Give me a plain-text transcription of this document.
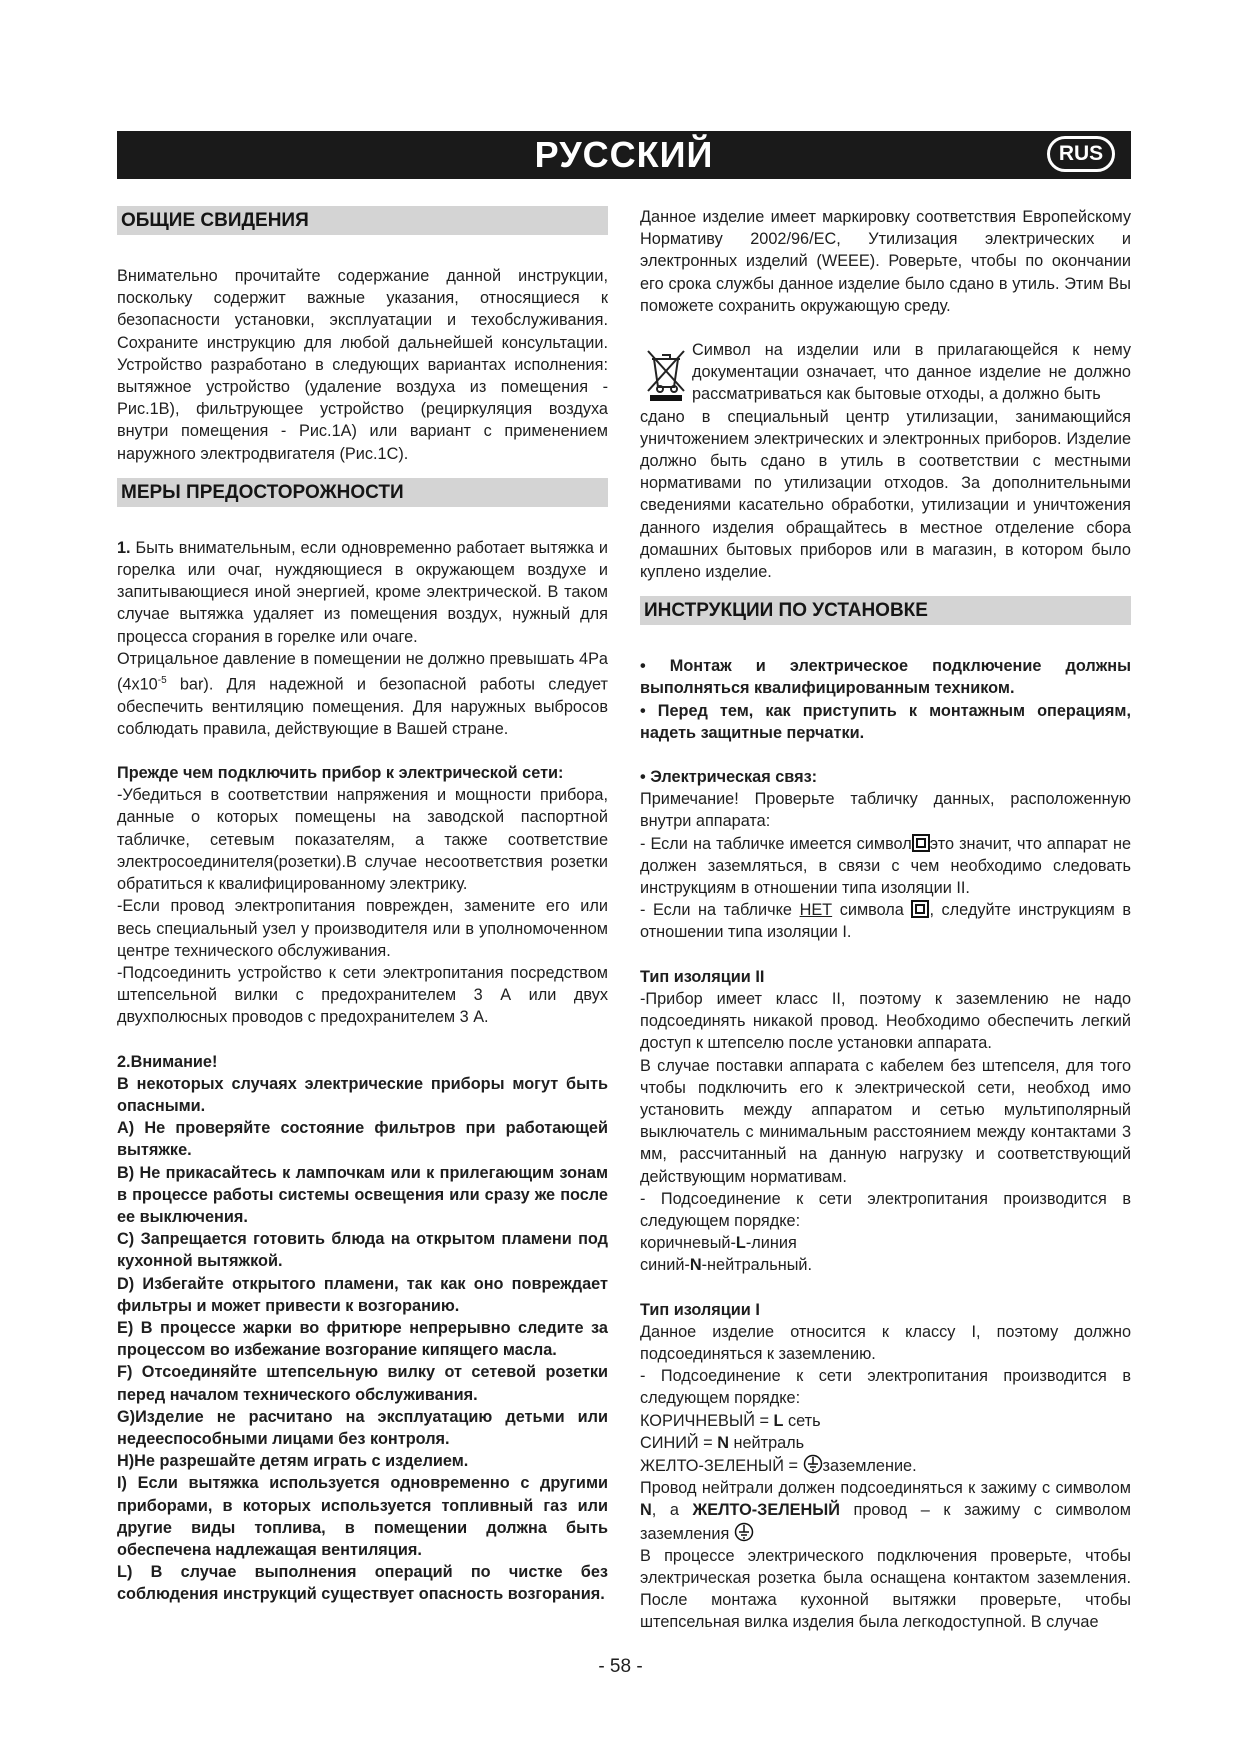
РУССКИЙ	RUS
ОБЩИЕ СВИДЕНИЯ

Внимательно прочитайте содержание данной инструкции, поскольку содержит важные указания, относящиеся к безопасности установки, эксплуатации и техобслуживания. Сохраните инструкцию для любой дальнейшей консультации. Устройство разработано в следующих вариантах исполнения: вытяжное устройство (удаление воздуха из помещения - Рис.1B), фильтрующее устройство (рециркуляция воздуха внутри помещения - Рис.1A) или вариант с применением наружного электродвигателя (Рис.1C).

МЕРЫ ПРЕДОСТОРОЖНОСТИ

1. Быть внимательным, если одновременно работает вытяжка и горелка или очаг, нуждяющиеся в окружающем воздухе и запитывающиеся иной энергией, кроме электрической. В таком случае вытяжка удаляет из помещения воздух, нужный для процесса сгорания в горелке или очаге.

Отрицальное давление в помещении не должно превышать 4Pa ($4x10^{-5}$ bar). Для надежной и безопасной работы следует обеспечить вентиляцию помещения. Для наружных выбросов соблюдать правила, действующие в Вашей стране.

Прежде чем подключить прибор к электрической сети:

-Убедиться в соответствии напряжения и мощности прибора, данные о которых помещены на заводской паспортной табличке, сетевым показателям, а также соответствие электросоединителя(розетки).В случае несоответствия розетки обратиться к квалифицированному электрику.

-Если провод электропитания поврежден, замените его или весь специальный узел у производителя или в уполномоченном центре технического обслуживания.

-Подсоединить устройство к сети электропитания посредством штепсельной вилки с предохранителем 3 А или двух двухполюсных проводов с предохранителем 3 А.

2.Внимание!

В некоторых случаях электрические приборы могут быть опасными.

A) Не проверяйте состояние фильтров при работающей вытяжке.

B) Не прикасайтесь к лампочкам или к прилегающим зонам в процессе работы системы освещения или сразу же после ее выключения.

C) Запрещается готовить блюда на открытом пламени под кухонной вытяжкой.

D) Избегайте открытого пламени, так как оно повреждает фильтры и может привести к возгоранию.

E) В процессе жарки во фритюре непрерывно следите за процессом во избежание возгорание кипящего масла.

F) Отсоединяйте штепсельную вилку от сетевой розетки перед началом технического обслуживания.

G)Изделие не расчитано на эксплуатацию детьми или недееспособными лицами без контроля.

H)Не разрешайте детям играть с изделием.

I) Если вытяжка используется одновременно с другими приборами, в которых используется топливный газ или другие виды топлива, в помещении должна быть обеспечена надлежащая вентиляция.

L) В случае выполнения операций по чистке без соблюдения инструкций существует опасность возгорания.

Данное изделие имеет маркировку соответствия Европейскому Нормативу 2002/96/EC, Утилизация электрических и электронных изделий (WEEE). Роверьте, чтобы по окончании его срока службы данное изделие было сдано в утиль. Этим Вы поможете сохранить окружающую среду.

Символ на изделии или в прилагающейся к нему документации означает, что данное изделие не должно рассматриваться как бытовые отходы, а должно быть

сдано в специальный центр утилизации, занимающийся уничтожением электрических и электронных приборов. Изделие должно быть сдано в утиль в соответствии с местными нормативами по утилизации отходов. За дополнительными сведениями касательно обработки, утилизации и уничтожения данного изделия обращайтесь в местное отделение сбора домашних бытовых приборов или в магазин, в котором было куплено изделие.

ИНСТРУКЦИИ ПО УСТАНОВКЕ

• Монтаж и электрическое подключение должны выполняться квалифицированным техником.

• Перед тем, как приступить к монтажным операциям, надеть защитные перчатки.

• Электрическая связ:

Примечание! Проверьте табличку данных, расположенную внутри аппарата:

- Если на табличке имеется символ это значит, что аппарат не должен заземляться, в связи с чем необходимо следовать инструкциям в отношении типа изоляции II.

- Если на табличке НЕТ символа , следуйте инструкциям в отношении типа изоляции I.

Тип изоляции II

-Прибор имеет класс II, поэтому к заземлению не надо подсоединять никакой провод. Необходимо обеспечить легкий доступ к штепселю после установки аппарата.

В случае поставки аппарата с кабелем без штепселя, для того чтобы подключить его к электрической сети, необход имо установить между аппаратом и сетью мультиполярный выключатель с минимальным расстоянием между контактами 3 мм, рассчитанный на данную нагрузку и соответствующий действующим нормативам.

- Подсоединение к сети электропитания производится в следующем порядке:

коричневый-L-линия

синий-N-нейтральный.

Тип изоляции I

Данное изделие относится к классу I, поэтому должно подсоединяться к заземлению.

- Подсоединение к сети электропитания производится в следующем порядке:

КОРИЧНЕВЫЙ = L сеть

СИНИЙ = N нейтраль

ЖЕЛТО-ЗЕЛЕНЫЙ = заземление.

Провод нейтрали должен подсоединяться к зажиму с символом N, а ЖЕЛТО-ЗЕЛЕНЫЙ провод – к зажиму с символом заземления

В процессе электрического подключения проверьте, чтобы электрическая розетка была оснащена контактом заземления. После монтажа кухонной вытяжки проверьте, чтобы штепсельная вилка изделия была легкодоступной. В случае

- 58 -
